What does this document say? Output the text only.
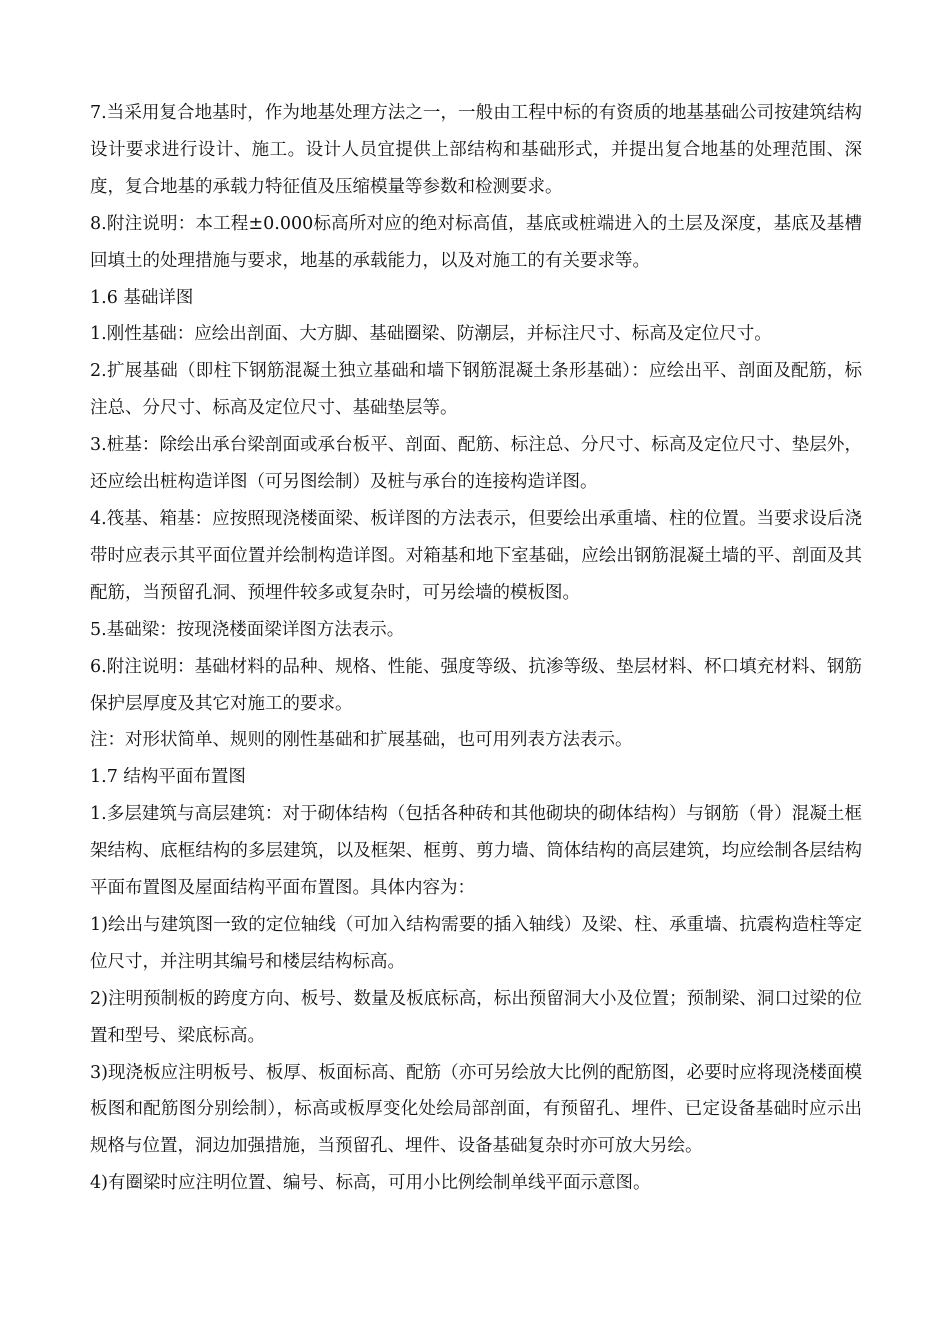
7.当采用复合地基时，作为地基处理方法之一，一般由工程中标的有资质的地基基础公司按建筑结构设计要求进行设计、施工。设计人员宜提供上部结构和基础形式，并提出复合地基的处理范围、深度，复合地基的承载力特征值及压缩模量等参数和检测要求。

8.附注说明：本工程±0.000标高所对应的绝对标高值，基底或桩端进入的土层及深度，基底及基槽回填土的处理措施与要求，地基的承载能力，以及对施工的有关要求等。

1.6 基础详图

1.刚性基础：应绘出剖面、大方脚、基础圈梁、防潮层，并标注尺寸、标高及定位尺寸。

2.扩展基础（即柱下钢筋混凝土独立基础和墙下钢筋混凝土条形基础）：应绘出平、剖面及配筋，标注总、分尺寸、标高及定位尺寸、基础垫层等。

3.桩基：除绘出承台梁剖面或承台板平、剖面、配筋、标注总、分尺寸、标高及定位尺寸、垫层外，还应绘出桩构造详图（可另图绘制）及桩与承台的连接构造详图。

4.筏基、箱基：应按照现浇楼面梁、板详图的方法表示，但要绘出承重墙、柱的位置。当要求设后浇带时应表示其平面位置并绘制构造详图。对箱基和地下室基础，应绘出钢筋混凝土墙的平、剖面及其配筋，当预留孔洞、预埋件较多或复杂时，可另绘墙的模板图。

5.基础梁：按现浇楼面梁详图方法表示。

6.附注说明：基础材料的品种、规格、性能、强度等级、抗渗等级、垫层材料、杯口填充材料、钢筋保护层厚度及其它对施工的要求。

注：对形状简单、规则的刚性基础和扩展基础，也可用列表方法表示。

1.7 结构平面布置图

1.多层建筑与高层建筑：对于砌体结构（包括各种砖和其他砌块的砌体结构）与钢筋（骨）混凝土框架结构、底框结构的多层建筑，以及框架、框剪、剪力墙、筒体结构的高层建筑，均应绘制各层结构平面布置图及屋面结构平面布置图。具体内容为：

1)绘出与建筑图一致的定位轴线（可加入结构需要的插入轴线）及梁、柱、承重墙、抗震构造柱等定位尺寸，并注明其编号和楼层结构标高。

2)注明预制板的跨度方向、板号、数量及板底标高，标出预留洞大小及位置；预制梁、洞口过梁的位置和型号、梁底标高。

3)现浇板应注明板号、板厚、板面标高、配筋（亦可另绘放大比例的配筋图，必要时应将现浇楼面模板图和配筋图分别绘制），标高或板厚变化处绘局部剖面，有预留孔、埋件、已定设备基础时应示出规格与位置，洞边加强措施，当预留孔、埋件、设备基础复杂时亦可放大另绘。

4)有圈梁时应注明位置、编号、标高，可用小比例绘制单线平面示意图。
